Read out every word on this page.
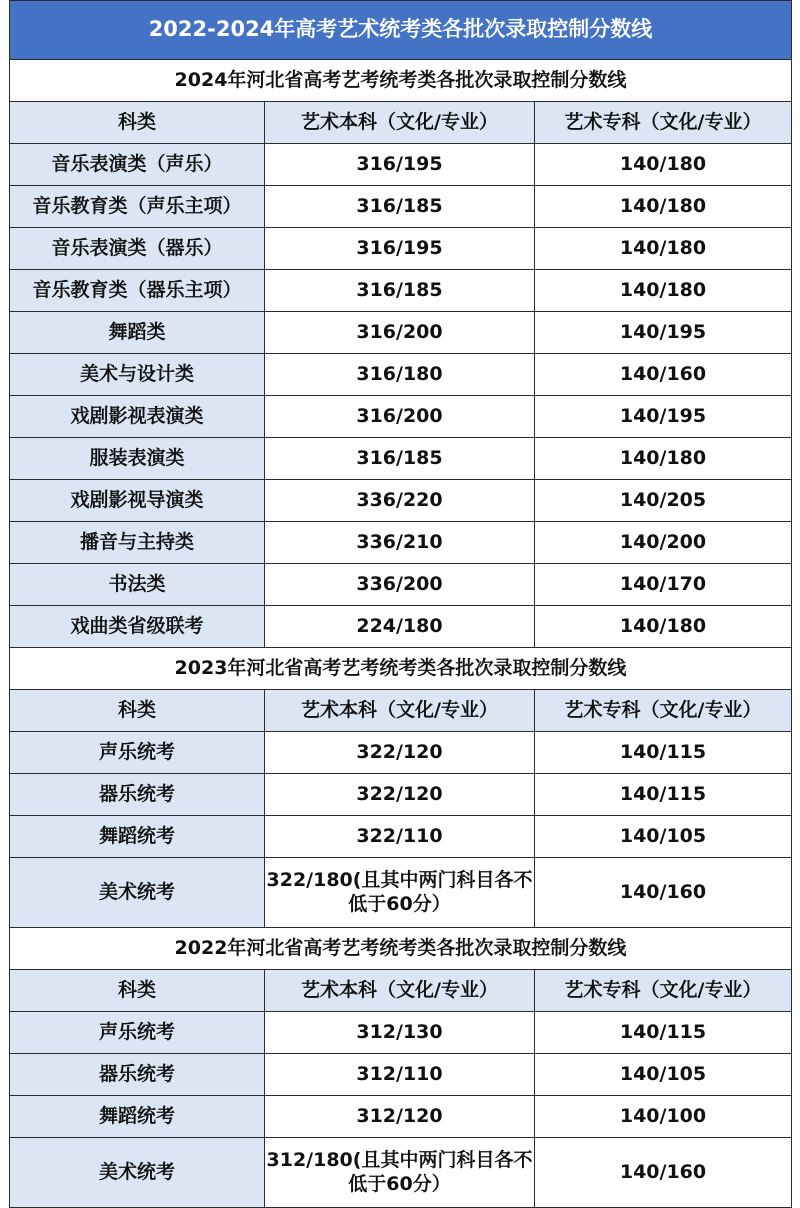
2022-2024年高考艺术统考类各批次录取控制分数线		
2024年河北省高考艺考统考类各批次录取控制分数线		
科类	艺术本科（文化/专业）	艺术专科（文化/专业）
音乐表演类（声乐）	316/195	140/180
音乐教育类（声乐主项）	316/185	140/180
音乐表演类（器乐）	316/195	140/180
音乐教育类（器乐主项）	316/185	140/180
舞蹈类	316/200	140/195
美术与设计类	316/180	140/160
戏剧影视表演类	316/200	140/195
服装表演类	316/185	140/180
戏剧影视导演类	336/220	140/205
播音与主持类	336/210	140/200
书法类	336/200	140/170
戏曲类省级联考	224/180	140/180
2023年河北省高考艺考统考类各批次录取控制分数线		
科类	艺术本科（文化/专业）	艺术专科（文化/专业）
声乐统考	322/120	140/115
器乐统考	322/120	140/115
舞蹈统考	322/110	140/105
美术统考	322/180(且其中两门科目各不低于60分）	140/160
2022年河北省高考艺考统考类各批次录取控制分数线		
科类	艺术本科（文化/专业）	艺术专科（文化/专业）
声乐统考	312/130	140/115
器乐统考	312/110	140/105
舞蹈统考	312/120	140/100
美术统考	312/180(且其中两门科目各不低于60分）	140/160
